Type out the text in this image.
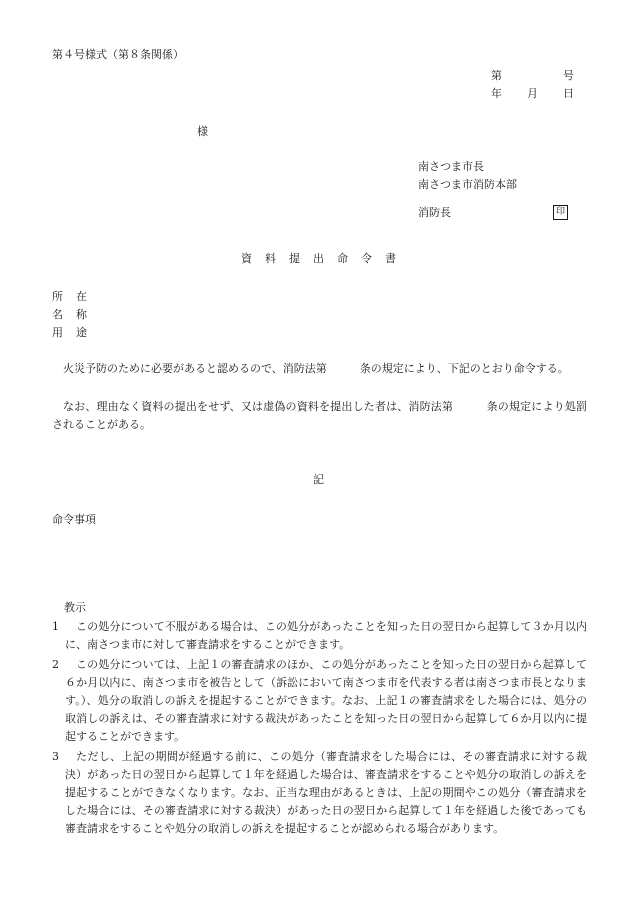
第４号様式（第８条関係）
第	号
年 月 日
様
南さつま市長
南さつま市消防本部
消防長	印
資料提出命令書
所在
名称
用途
火災予防のために必要があると認めるので、消防法第　　　条の規定により、下記のとおり命令する。
なお、理由なく資料の提出をせず、又は虚偽の資料を提出した者は、消防法第　　　条の規定により処罰されることがある。
記
命令事項
教示
1	この処分について不服がある場合は、この処分があったことを知った日の翌日から起算して３か月以内に、南さつま市に対して審査請求をすることができます。
2	この処分については、上記１の審査請求のほか、この処分があったことを知った日の翌日から起算して６か月以内に、南さつま市を被告として（訴訟において南さつま市を代表する者は南さつま市長となります。）、処分の取消しの訴えを提起することができます。なお、上記１の審査請求をした場合には、処分の取消しの訴えは、その審査請求に対する裁決があったことを知った日の翌日から起算して６か月以内に提起することができます。
3	ただし、上記の期間が経過する前に、この処分（審査請求をした場合には、その審査請求に対する裁決）があった日の翌日から起算して１年を経過した場合は、審査請求をすることや処分の取消しの訴えを提起することができなくなります。なお、正当な理由があるときは、上記の期間やこの処分（審査請求をした場合には、その審査請求に対する裁決）があった日の翌日から起算して１年を経過した後であっても審査請求をすることや処分の取消しの訴えを提起することが認められる場合があります。
